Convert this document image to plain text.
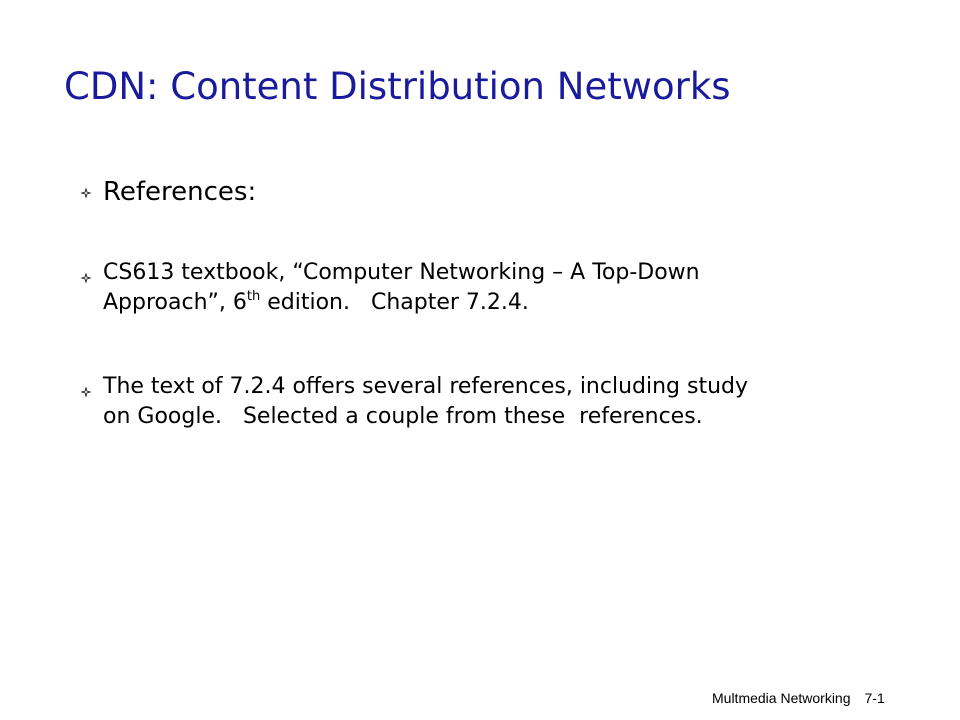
CDN: Content Distribution Networks
References:
CS613 textbook, “Computer Networking – A Top-Down
Approach”, 6th edition.   Chapter 7.2.4.
The text of 7.2.4 offers several references, including study
on Google.   Selected a couple from these  references.
Multmedia Networking 7-1
